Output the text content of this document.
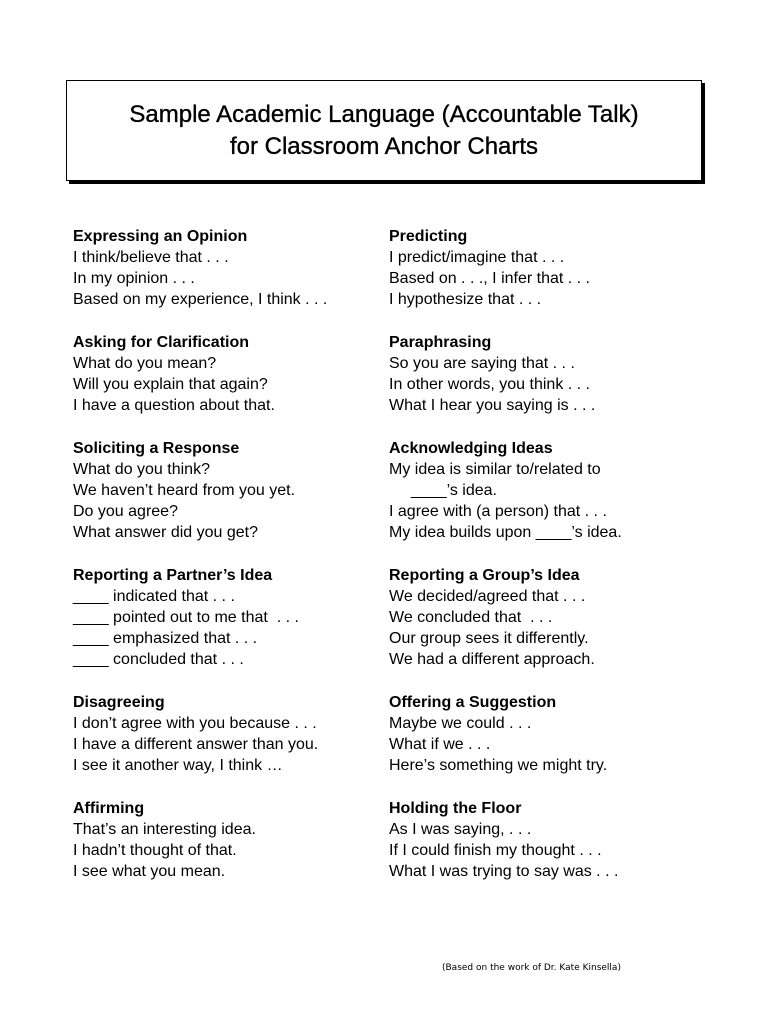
Sample Academic Language (Accountable Talk)
for Classroom Anchor Charts
Expressing an Opinion
I think/believe that . . .
In my opinion . . .
Based on my experience, I think . . .
Asking for Clarification
What do you mean?
Will you explain that again?
I have a question about that.
Soliciting a Response
What do you think?
We haven’t heard from you yet.
Do you agree?
What answer did you get?
Reporting a Partner’s Idea
____ indicated that . . .
____ pointed out to me that  . . .
____ emphasized that . . .
____ concluded that . . .
Disagreeing
I don’t agree with you because . . .
I have a different answer than you.
I see it another way, I think …
Affirming
That’s an interesting idea.
I hadn’t thought of that.
I see what you mean.
Predicting
I predict/imagine that . . .
Based on . . ., I infer that . . .
I hypothesize that . . .
Paraphrasing
So you are saying that . . .
In other words, you think . . .
What I hear you saying is . . .
Acknowledging Ideas
My idea is similar to/related to
____’s idea.
I agree with (a person) that . . .
My idea builds upon ____’s idea.
Reporting a Group’s Idea
We decided/agreed that . . .
We concluded that  . . .
Our group sees it differently.
We had a different approach.
Offering a Suggestion
Maybe we could . . .
What if we . . .
Here’s something we might try.
Holding the Floor
As I was saying, . . .
If I could finish my thought . . .
What I was trying to say was . . .
(Based on the work of Dr. Kate Kinsella)
